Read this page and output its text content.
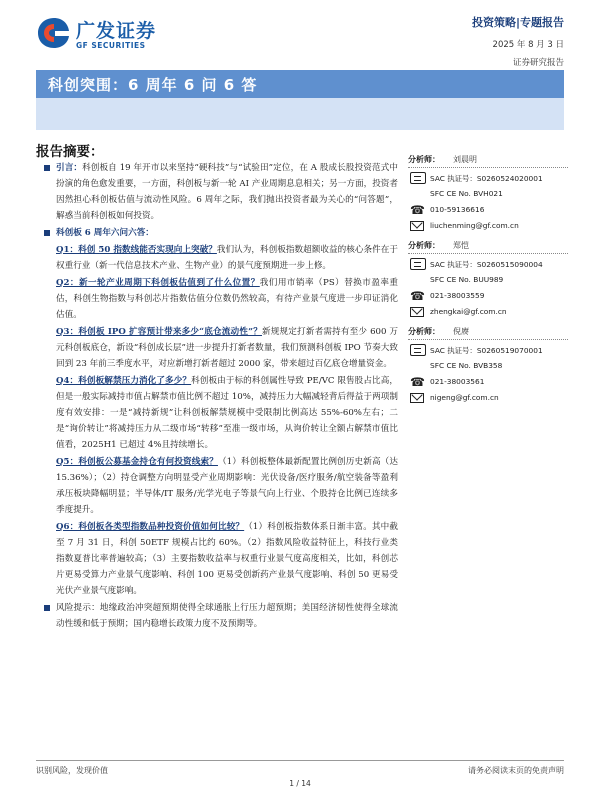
广发证券
GF SECURITIES
投资策略|专题报告
2025 年 8 月 3 日
证券研究报告
科创突围：6 周年 6 问 6 答
报告摘要：

引言：科创板自 19 年开市以来坚持“硬科技”与“试验田”定位，在 A 股成长股投资范式中扮演的角色愈发重要，一方面，科创板与新一轮 AI 产业周期息息相关；另一方面，投资者因然担心科创板估值与流动性风险。6 周年之际，我们抛出投资者最为关心的“问答题”，解惑当前科创板如何投资。

科创板 6 周年六问六答：

Q1：科创 50 指数线能否实现向上突破？我们认为，科创板指数超额收益的核心条件在于权重行业（新一代信息技术产业、生物产业）的景气度预期进一步上修。

Q2：新一轮产业周期下科创板估值到了什么位置？我们用市销率（PS）替换市盈率重估，科创生物指数与科创芯片指数估值分位数仍然较高，有待产业景气度进一步印证消化估值。

Q3：科创板 IPO 扩容预计带来多少“底仓流动性”？新规规定打新者需持有至少 600 万元科创板底仓，新设“科创成长层”进一步提升打新者数量，我们预测科创板 IPO 节奏大致回到 23 年前三季度水平，对应新增打新者超过 2000 家，带来超过百亿底仓增量资金。

Q4：科创板解禁压力消化了多少？科创板由于标的科创属性导致 PE/VC 限售股占比高，但是一般实际减持市值占解禁市值比例不超过 10%，减持压力大幅减轻背后得益于两项制度有效安排：一是“减持新规”让科创板解禁规模中受限制比例高达 55%-60%左右；二是“询价转让”将减持压力从二级市场“转移”至准一级市场，从询价转让全额占解禁市值比值看，2025H1 已超过 4%且持续增长。

Q5：科创板公募基金持仓有何投资线索？（1）科创板整体最新配置比例创历史新高（达 15.36%）；（2）持仓调整方向明显受产业周期影响：光伏设备/医疗服务/航空装备等盈利承压板块降幅明显；半导体/IT 服务/光学光电子等景气向上行业、个股持仓比例已连续多季度提升。

Q6：科创板各类型指数品种投资价值如何比较？（1）科创板指数体系日渐丰富。其中截至 7 月 31 日，科创 50ETF 规模占比约 60%。（2）指数风险收益特征上，科技行业类指数夏普比率普遍较高；（3）主要指数收益率与权重行业景气度高度相关，比如，科创芯片更易受算力产业景气度影响、科创 100 更易受创新药产业景气度影响、科创 50 更易受光伏产业景气度影响。

风险提示：地缘政治冲突超预期使得全球通胀上行压力超预期；美国经济韧性使得全球流动性缓和低于预期；国内稳增长政策力度不及预期等。

分析师：	刘晨明
SAC 执证号：S0260524020001
SFC CE No. BVH021
☎ 010-59136616
liuchenming@gf.com.cn
分析师：	郑恺
SAC 执证号：S0260515090004
SFC CE No. BUU989
☎ 021-38003559
zhengkai@gf.com.cn
分析师：	倪赓
SAC 执证号：S0260519070001
SFC CE No. BVB358
☎ 021-38003561
nigeng@gf.com.cn
识别风险，发现价值	请务必阅读末页的免责声明
1 / 14
